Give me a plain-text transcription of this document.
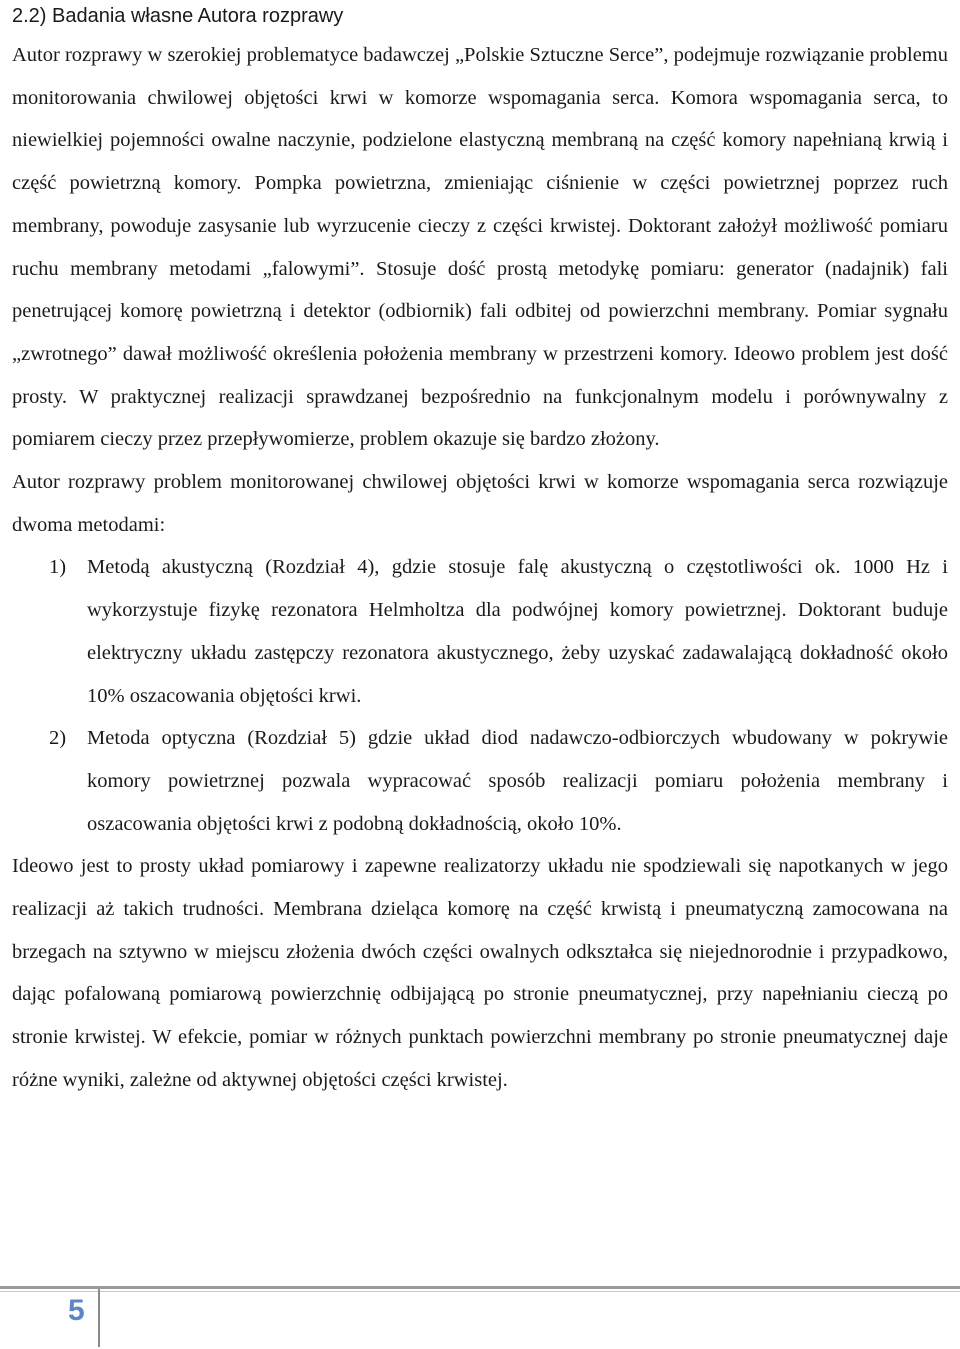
2.2) Badania własne Autora rozprawy

Autor rozprawy w szerokiej problematyce badawczej „Polskie Sztuczne Serce”, podejmuje rozwiązanie problemu monitorowania chwilowej objętości krwi w komorze wspomagania serca. Komora wspomagania serca, to niewielkiej pojemności owalne naczynie, podzielone elastyczną membraną na część komory napełnianą krwią i część powietrzną komory. Pompka powietrzna, zmieniając ciśnienie w części powietrznej poprzez ruch membrany, powoduje zasysanie lub wyrzucenie cieczy z części krwistej. Doktorant założył możliwość pomiaru ruchu membrany metodami „falowymi”. Stosuje dość prostą metodykę pomiaru: generator (nadajnik) fali penetrującej komorę powietrzną i detektor (odbiornik) fali odbitej od powierzchni membrany. Pomiar sygnału „zwrotnego” dawał możliwość określenia położenia membrany w przestrzeni komory. Ideowo problem jest dość prosty. W praktycznej realizacji sprawdzanej bezpośrednio na funkcjonalnym modelu i porównywalny z pomiarem cieczy przez przepływomierze, problem okazuje się bardzo złożony.

Autor rozprawy problem monitorowanej chwilowej objętości krwi w komorze wspomagania serca rozwiązuje dwoma metodami:

1) Metodą akustyczną (Rozdział 4), gdzie stosuje falę akustyczną o częstotliwości ok. 1000 Hz i wykorzystuje fizykę rezonatora Helmholtza dla podwójnej komory powietrznej. Doktorant buduje elektryczny układu zastępczy rezonatora akustycznego, żeby uzyskać zadawalającą dokładność około 10% oszacowania objętości krwi.
2) Metoda optyczna (Rozdział 5) gdzie układ diod nadawczo-odbiorczych wbudowany w pokrywie komory powietrznej pozwala wypracować sposób realizacji pomiaru położenia membrany i oszacowania objętości krwi z podobną dokładnością, około 10%.

Ideowo jest to prosty układ pomiarowy i zapewne realizatorzy układu nie spodziewali się napotkanych w jego realizacji aż takich trudności. Membrana dzieląca komorę na część krwistą i pneumatyczną zamocowana na brzegach na sztywno w miejscu złożenia dwóch części owalnych odkształca się niejednorodnie i przypadkowo, dając pofalowaną pomiarową powierzchnię odbijającą po stronie pneumatycznej, przy napełnianiu cieczą po stronie krwistej. W efekcie, pomiar w różnych punktach powierzchni membrany po stronie pneumatycznej daje różne wyniki, zależne od aktywnej objętości części krwistej.

5
